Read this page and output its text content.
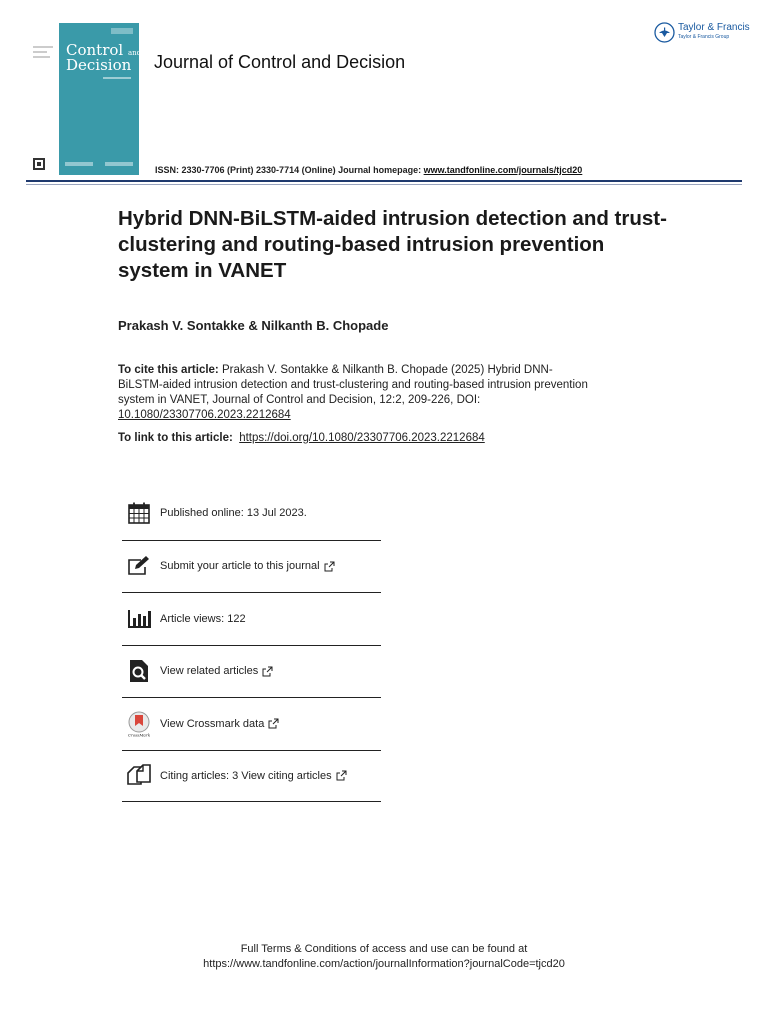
Control and
Decision Journal of Control and Decision
ISSN: 2330-7706 (Print) 2330-7714 (Online) Journal homepage: www.tandfonline.com/journals/tjcd20
Taylor & Francis
Taylor & Francis Group
Hybrid DNN-BiLSTM-aided intrusion detection and trust-clustering and routing-based intrusion prevention system in VANET
Prakash V. Sontakke & Nilkanth B. Chopade
To cite this article: Prakash V. Sontakke & Nilkanth B. Chopade (2025) Hybrid DNN-BiLSTM-aided intrusion detection and trust-clustering and routing-based intrusion prevention system in VANET, Journal of Control and Decision, 12:2, 209-226, DOI: 10.1080/23307706.2023.2212684
To link to this article: https://doi.org/10.1080/23307706.2023.2212684
Published online: 13 Jul 2023.
Submit your article to this journal
Article views: 122
View related articles
CrossMark
View Crossmark data
Citing articles: 3 View citing articles
Full Terms & Conditions of access and use can be found at
https://www.tandfonline.com/action/journalInformation?journalCode=tjcd20
